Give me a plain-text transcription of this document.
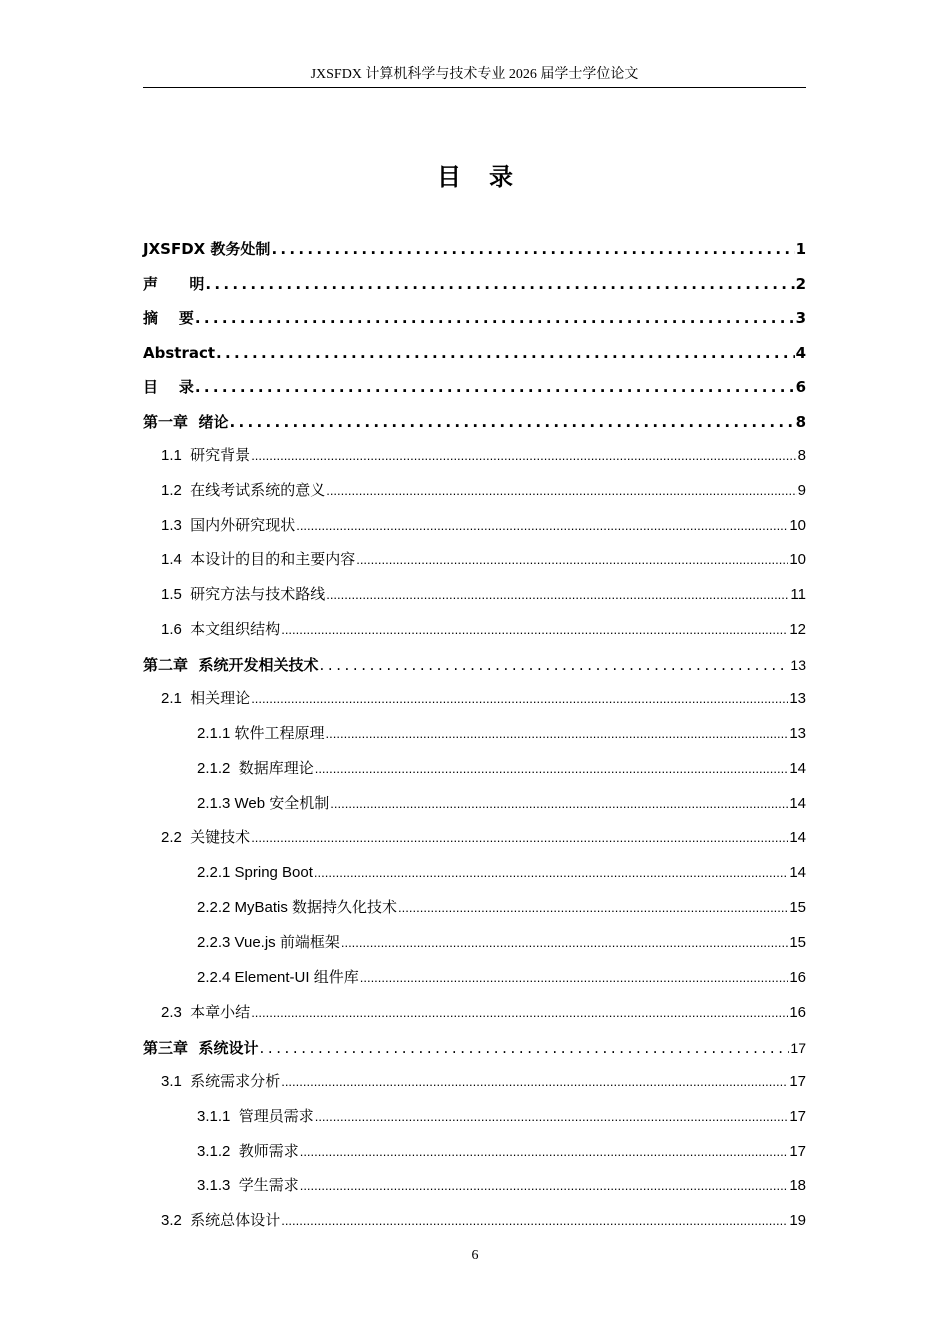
JXSFDX 计算机科学与技术专业 2026 届学士学位论文
目录
JXSFDX 教务处制 .....	1
声      明 .....	2
摘    要 .....	3
Abstract .....	4
目    录 .....	6
第一章  绪论 .....	8
1.1  研究背景 .....	8
1.2  在线考试系统的意义 .....	9
1.3  国内外研究现状 .....	10
1.4  本设计的目的和主要内容 .....	10
1.5  研究方法与技术路线 .....	11
1.6  本文组织结构 .....	12
第二章  系统开发相关技术 .....	13
2.1  相关理论 .....	13
2.1.1 软件工程原理 .....	13
2.1.2  数据库理论 .....	14
2.1.3 Web 安全机制 .....	14
2.2  关键技术 .....	14
2.2.1 Spring Boot .....	14
2.2.2 MyBatis 数据持久化技术 .....	15
2.2.3 Vue.js 前端框架 .....	15
2.2.4 Element-UI 组件库 .....	16
2.3  本章小结 .....	16
第三章  系统设计 .....	17
3.1  系统需求分析 .....	17
3.1.1  管理员需求 .....	17
3.1.2  教师需求 .....	17
3.1.3  学生需求 .....	18
3.2  系统总体设计 .....	19
6
